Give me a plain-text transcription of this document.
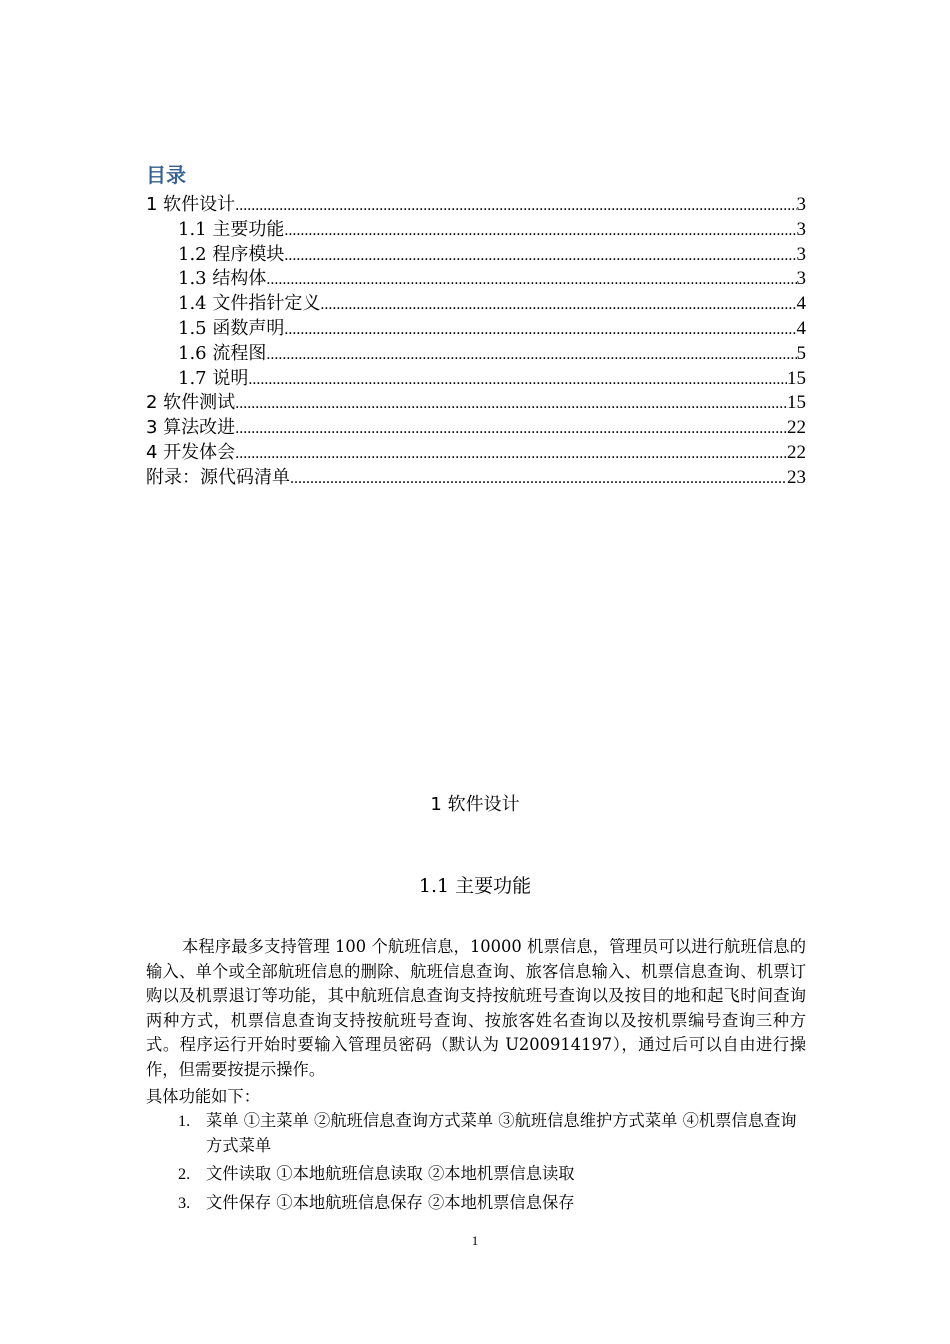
目录
1 软件设计 .....	3
1.1 主要功能 .....	3
1.2 程序模块 .....	3
1.3 结构体 .....	3
1.4 文件指针定义 .....	4
1.5 函数声明 .....	4
1.6 流程图 .....	5
1.7 说明 .....	15
2 软件测试 .....	15
3 算法改进 .....	22
4 开发体会 .....	22
附录：源代码清单 .....	23
1 软件设计
1.1 主要功能

本程序最多支持管理 100 个航班信息，10000 机票信息，管理员可以进行航班信息的输入、单个或全部航班信息的删除、航班信息查询、旅客信息输入、机票信息查询、机票订购以及机票退订等功能，其中航班信息查询支持按航班号查询以及按目的地和起飞时间查询两种方式，机票信息查询支持按航班号查询、按旅客姓名查询以及按机票编号查询三种方式。程序运行开始时要输入管理员密码（默认为 U200914197），通过后可以自由进行操作，但需要按提示操作。

具体功能如下：
1. 菜单 ①主菜单 ②航班信息查询方式菜单 ③航班信息维护方式菜单 ④机票信息查询方式菜单
2. 文件读取 ①本地航班信息读取 ②本地机票信息读取
3. 文件保存 ①本地航班信息保存 ②本地机票信息保存
1
